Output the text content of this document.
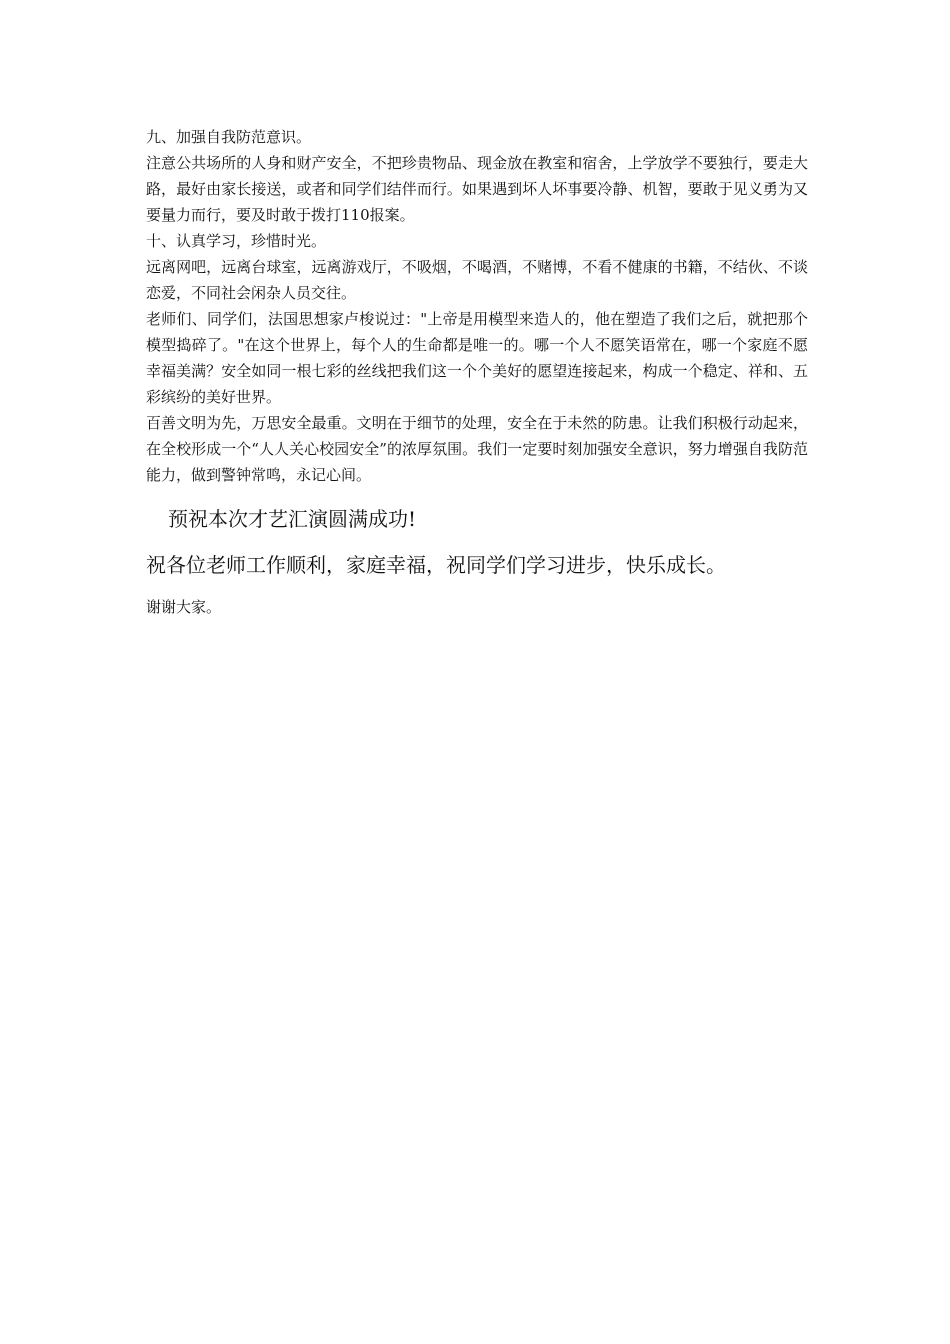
九、加强自我防范意识。

注意公共场所的人身和财产安全，不把珍贵物品、现金放在教室和宿舍，上学放学不要独行，要走大路，最好由家长接送，或者和同学们结伴而行。如果遇到坏人坏事要冷静、机智，要敢于见义勇为又要量力而行，要及时敢于拨打110报案。

十、认真学习，珍惜时光。

远离网吧，远离台球室，远离游戏厅，不吸烟，不喝酒，不赌博，不看不健康的书籍，不结伙、不谈恋爱，不同社会闲杂人员交往。

老师们、同学们，法国思想家卢梭说过："上帝是用模型来造人的，他在塑造了我们之后，就把那个模型捣碎了。"在这个世界上，每个人的生命都是唯一的。哪一个人不愿笑语常在，哪一个家庭不愿幸福美满？安全如同一根七彩的丝线把我们这一个个美好的愿望连接起来，构成一个稳定、祥和、五彩缤纷的美好世界。

百善文明为先，万思安全最重。文明在于细节的处理，安全在于未然的防患。让我们积极行动起来，在全校形成一个“人人关心校园安全”的浓厚氛围。我们一定要时刻加强安全意识，努力增强自我防范能力，做到警钟常鸣，永记心间。

预祝本次才艺汇演圆满成功!

祝各位老师工作顺利，家庭幸福，祝同学们学习进步，快乐成长。

谢谢大家。
